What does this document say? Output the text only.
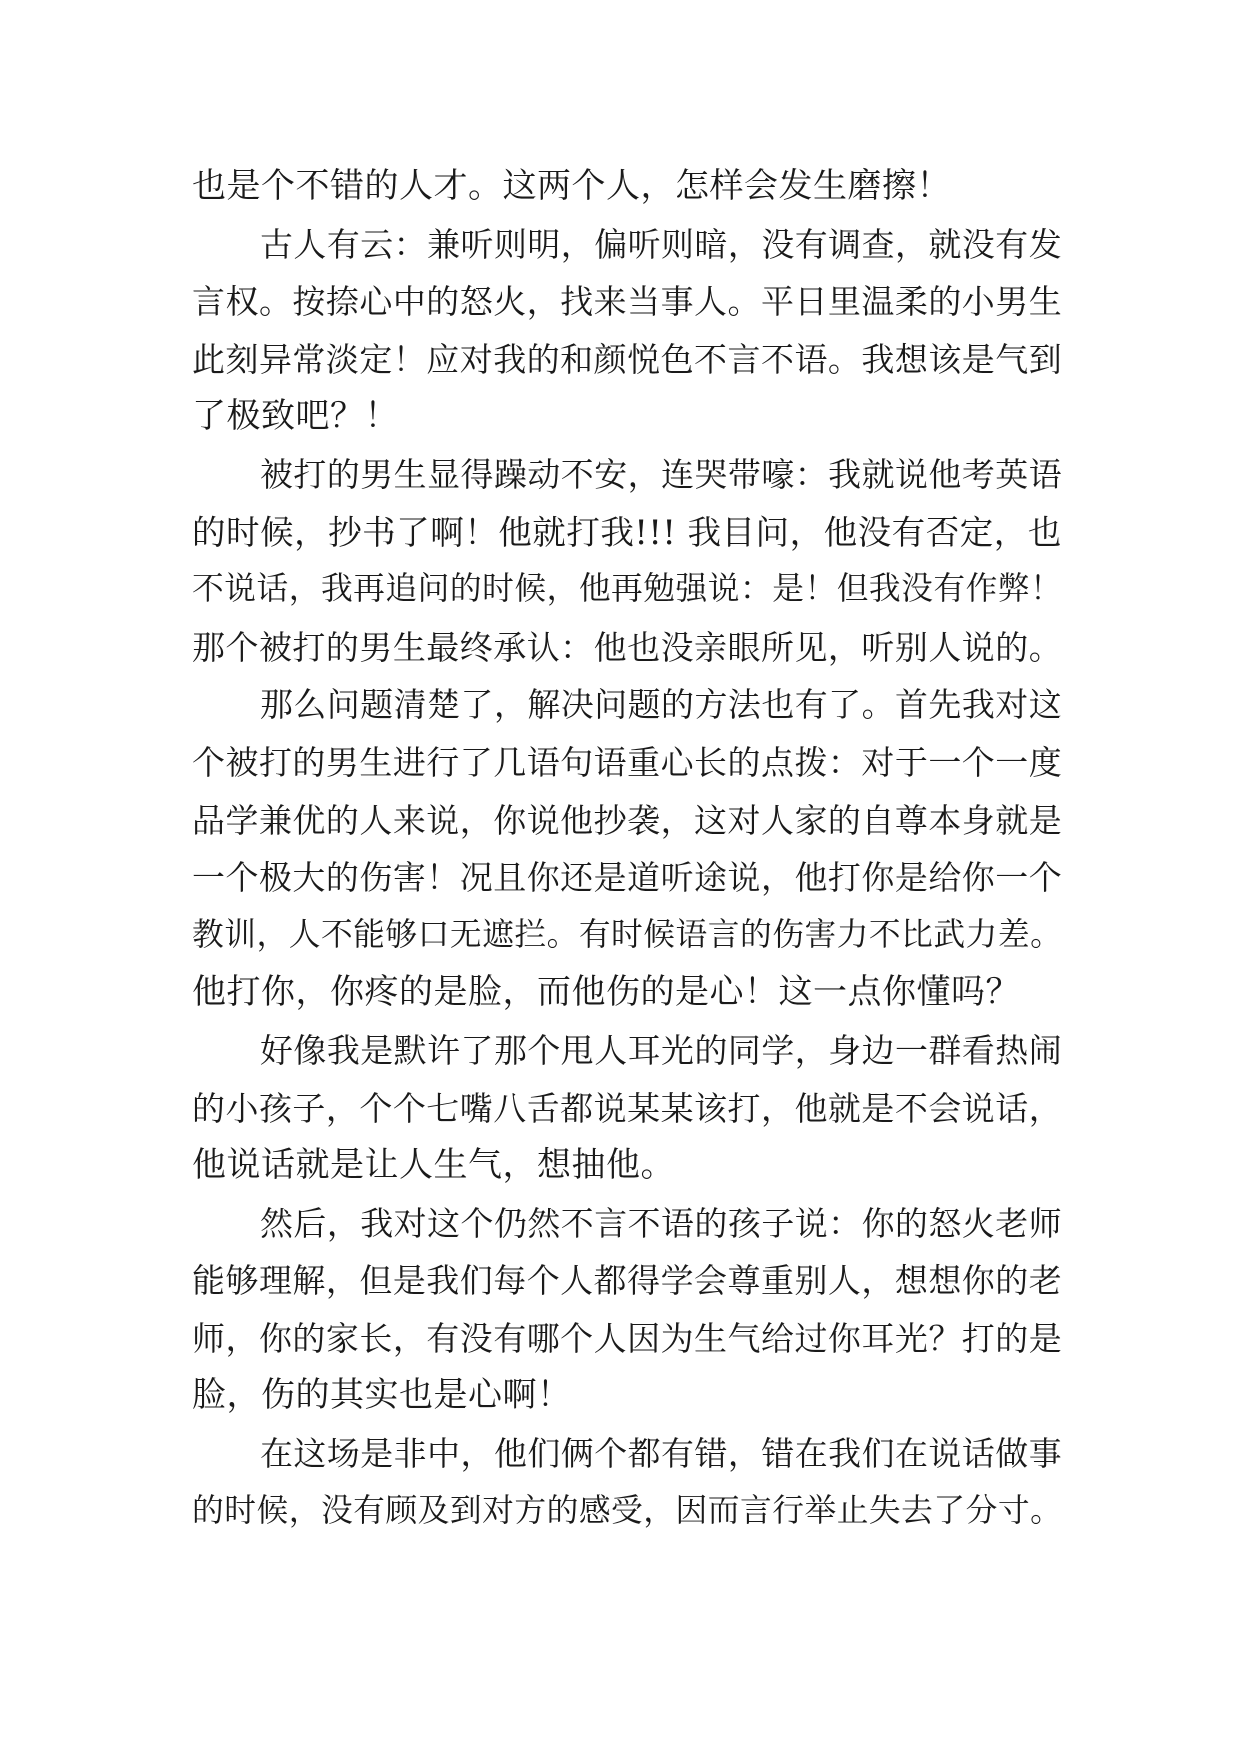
也是个不错的人才。这两个人，怎样会发生磨擦！
古人有云：兼听则明，偏听则暗，没有调查，就没有发
言权。按捺心中的怒火，找来当事人。平日里温柔的小男生
此刻异常淡定！应对我的和颜悦色不言不语。我想该是气到
了极致吧？！
被打的男生显得躁动不安，连哭带嚎：我就说他考英语
的时候，抄书了啊！他就打我!!! 我目问，他没有否定，也
不说话，我再追问的时候，他再勉强说：是！但我没有作弊！
那个被打的男生最终承认：他也没亲眼所见，听别人说的。
那么问题清楚了，解决问题的方法也有了。首先我对这
个被打的男生进行了几语句语重心长的点拨：对于一个一度
品学兼优的人来说，你说他抄袭，这对人家的自尊本身就是
一个极大的伤害！况且你还是道听途说，他打你是给你一个
教训，人不能够口无遮拦。有时候语言的伤害力不比武力差。
他打你，你疼的是脸，而他伤的是心！这一点你懂吗？
好像我是默许了那个甩人耳光的同学，身边一群看热闹
的小孩子，个个七嘴八舌都说某某该打，他就是不会说话，
他说话就是让人生气，想抽他。
然后，我对这个仍然不言不语的孩子说：你的怒火老师
能够理解，但是我们每个人都得学会尊重别人，想想你的老
师，你的家长，有没有哪个人因为生气给过你耳光？打的是
脸，伤的其实也是心啊！
在这场是非中，他们俩个都有错，错在我们在说话做事
的时候，没有顾及到对方的感受，因而言行举止失去了分寸。
